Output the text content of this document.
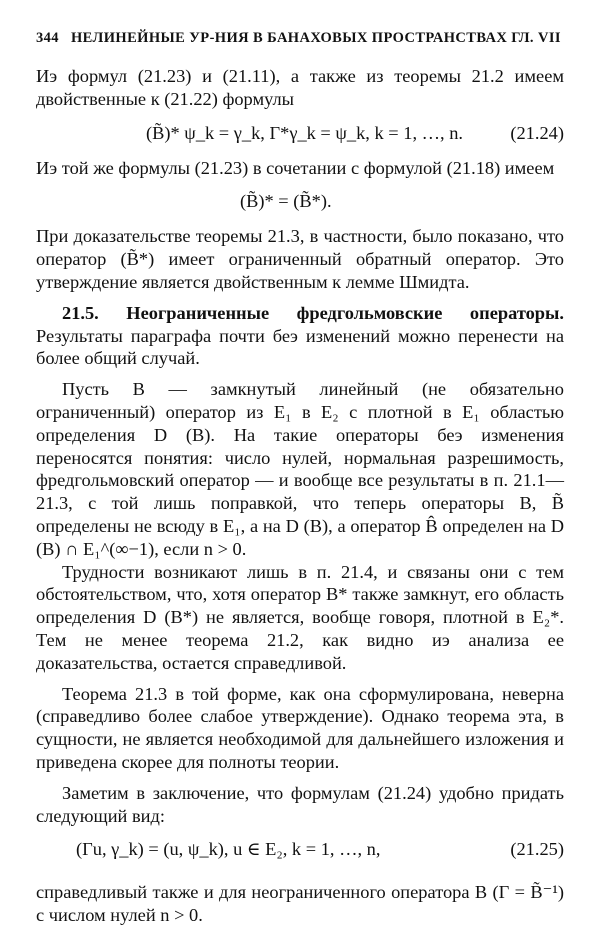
344 НЕЛИНЕЙНЫЕ УР-НИЯ В БАНАХОВЫХ ПРОСТРАНСТВАХ ГЛ. VII

Иэ формул (21.23) и (21.11), а также из теоремы 21.2 имеем двойственные к (21.22) формулы

(B̃)* ψ_k = γ_k, Γ*γ_k = ψ_k, k = 1, …, n.	(21.24)

Иэ той же формулы (21.23) в сочетании с формулой (21.18) имеем

(B̃)* = (B̃*).

При доказательстве теоремы 21.3, в частности, было показано, что оператор (B̃*) имеет ограниченный обратный оператор. Это утверждение является двойственным к лемме Шмидта.

21.5. Неограниченные фредгольмовские операторы. Результаты параграфа почти беэ изменений можно перенести на более общий случай.

Пусть B — замкнутый линейный (не обязательно ограниченный) оператор из E₁ в E₂ с плотной в E₁ областью определения D (B). На такие операторы беэ изменения переносятся понятия: число нулей, нормальная разрешимость, фредгольмовский оператор — и вообще все результаты в п. 21.1—21.3, с той лишь поправкой, что теперь операторы B, B̃ определены не всюду в E₁, а на D (B), а оператор B̂ определен на D (B) ∩ E₁^(∞−1), если n > 0.

Трудности возникают лишь в п. 21.4, и связаны они с тем обстоятельством, что, хотя оператор B* также замкнут, его область определения D (B*) не является, вообще говоря, плотной в E₂*. Тем не менее теорема 21.2, как видно иэ анализа ее доказательства, остается справедливой.

Теорема 21.3 в той форме, как она сформулирована, неверна (справедливо более слабое утверждение). Однако теорема эта, в сущности, не является необходимой для дальнейшего изложения и приведена скорее для полноты теории.

Заметим в заключение, что формулам (21.24) удобно придать следующий вид:

(Γu, γ_k) = (u, ψ_k), u ∈ E₂, k = 1, …, n,	(21.25)

справедливый также и для неограниченного оператора B (Γ = B̃⁻¹) с числом нулей n > 0.
